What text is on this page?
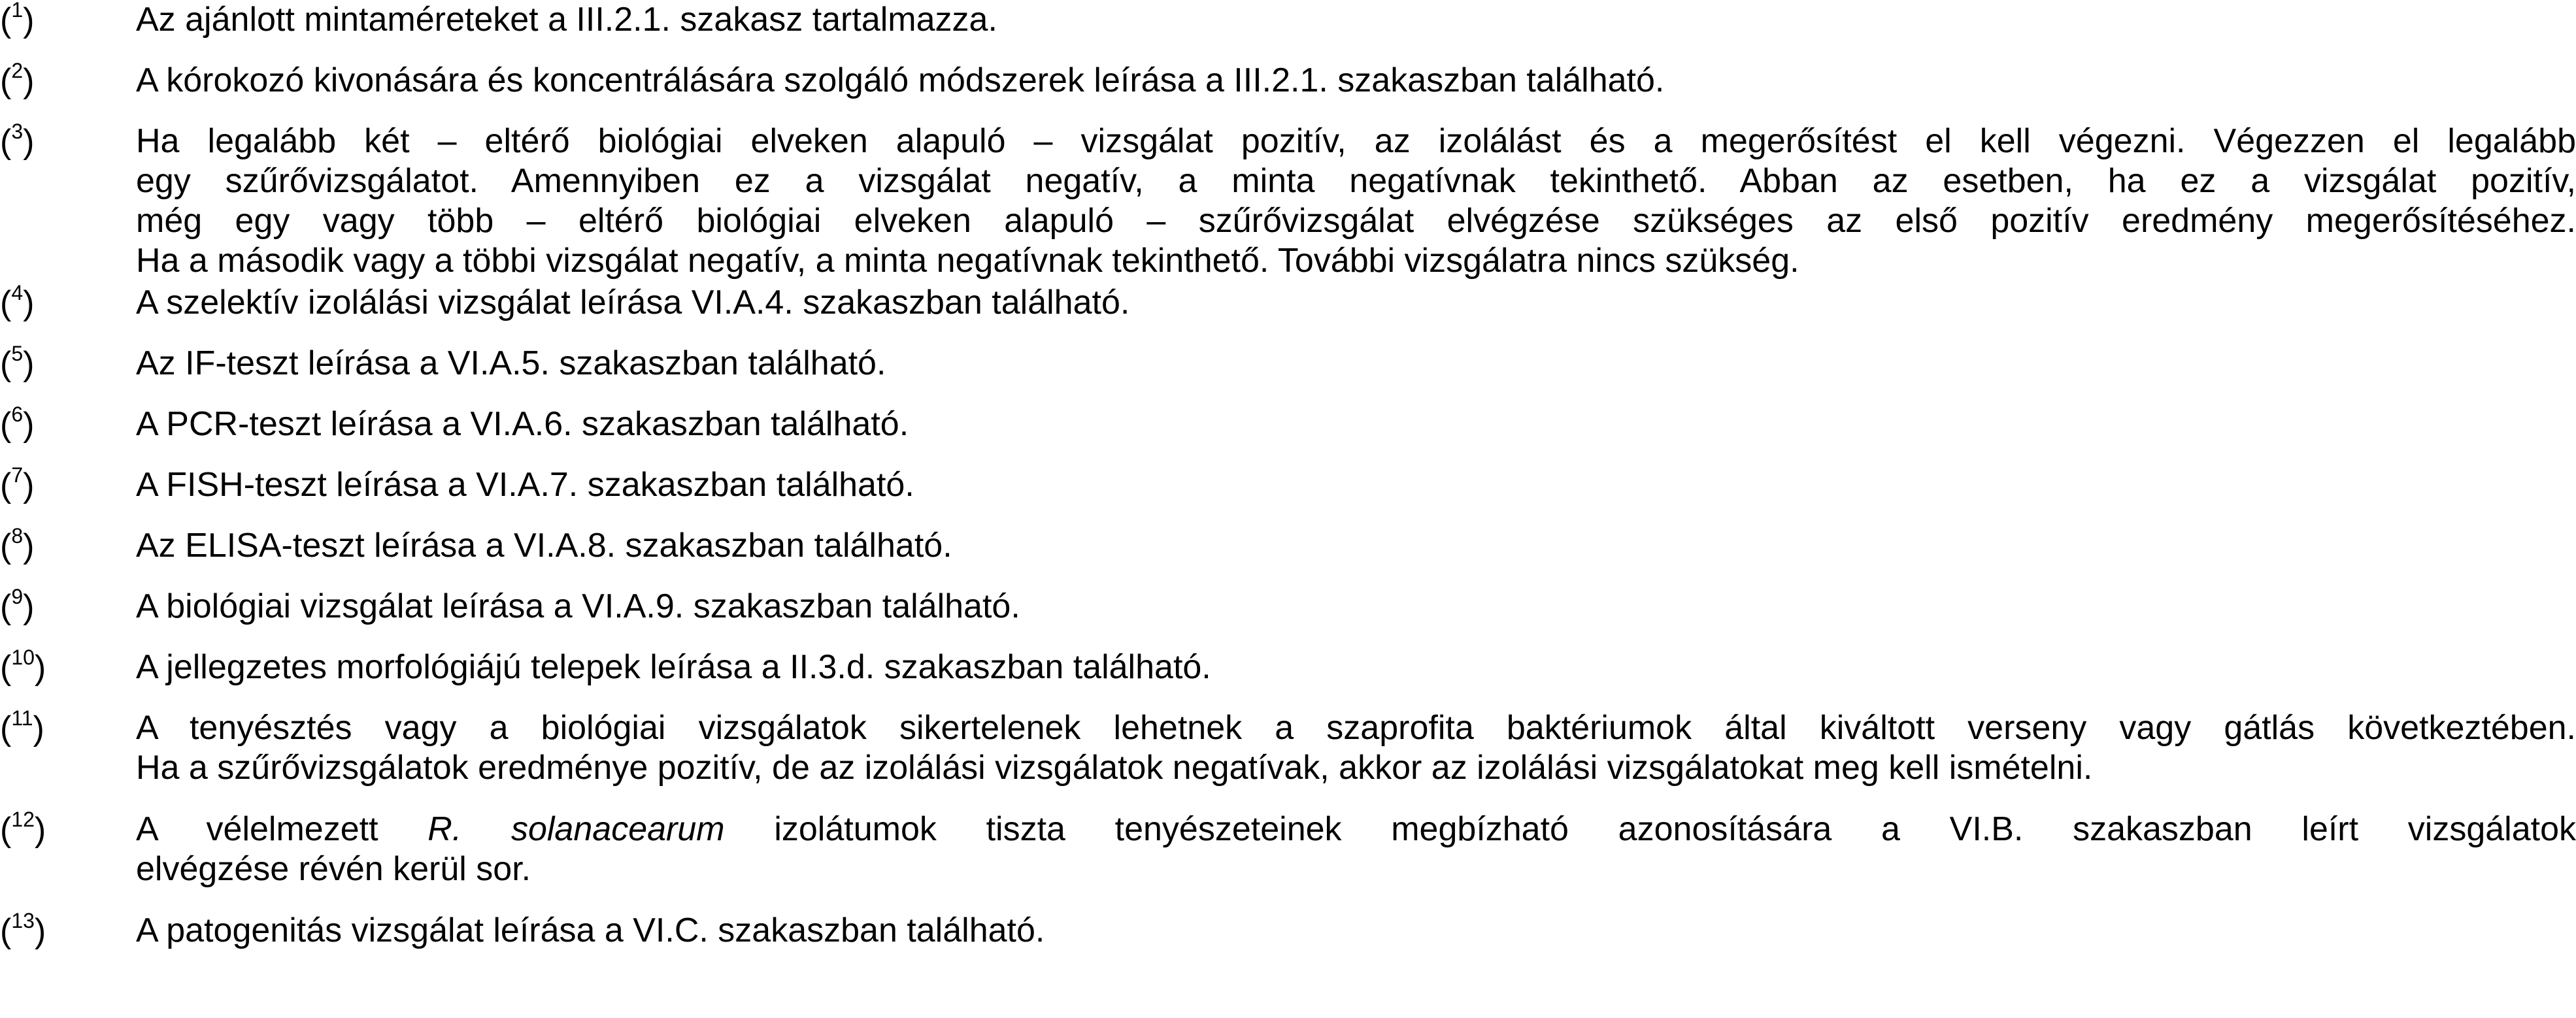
($^1$)	Az ajánlott mintaméreteket a III.2.1. szakasz tartalmazza.
($^2$)	A kórokozó kivonására és koncentrálására szolgáló módszerek leírása a III.2.1. szakaszban található.
($^3$)	Ha legalább két – eltérő biológiai elveken alapuló – vizsgálat pozitív, az izolálást és a megerősítést el kell végezni. Végezzen el legalább
egy szűrővizsgálatot. Amennyiben ez a vizsgálat negatív, a minta negatívnak tekinthető. Abban az esetben, ha ez a vizsgálat pozitív,
még egy vagy több – eltérő biológiai elveken alapuló – szűrővizsgálat elvégzése szükséges az első pozitív eredmény megerősítéséhez.
Ha a második vagy a többi vizsgálat negatív, a minta negatívnak tekinthető. További vizsgálatra nincs szükség.
($^4$)	A szelektív izolálási vizsgálat leírása VI.A.4. szakaszban található.
($^5$)	Az IF-teszt leírása a VI.A.5. szakaszban található.
($^6$)	A PCR-teszt leírása a VI.A.6. szakaszban található.
($^7$)	A FISH-teszt leírása a VI.A.7. szakaszban található.
($^8$)	Az ELISA-teszt leírása a VI.A.8. szakaszban található.
($^9$)	A biológiai vizsgálat leírása a VI.A.9. szakaszban található.
($^{10}$)	A jellegzetes morfológiájú telepek leírása a II.3.d. szakaszban található.
($^{11}$)	A tenyésztés vagy a biológiai vizsgálatok sikertelenek lehetnek a szaprofita baktériumok által kiváltott verseny vagy gátlás következtében.
Ha a szűrővizsgálatok eredménye pozitív, de az izolálási vizsgálatok negatívak, akkor az izolálási vizsgálatokat meg kell ismételni.
($^{12}$)	A vélelmezett R. solanacearum izolátumok tiszta tenyészeteinek megbízható azonosítására a VI.B. szakaszban leírt vizsgálatok
elvégzése révén kerül sor.
($^{13}$)	A patogenitás vizsgálat leírása a VI.C. szakaszban található.
